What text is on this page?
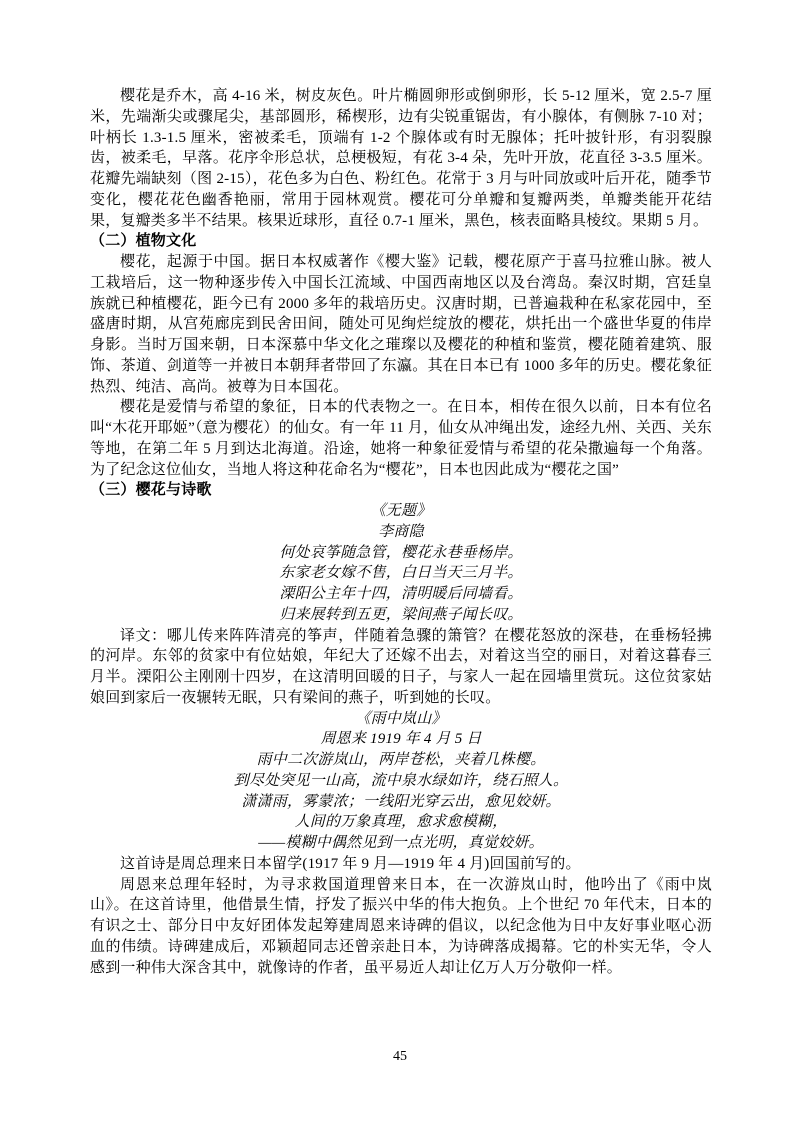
樱花是乔木，高 4-16 米，树皮灰色。叶片椭圆卵形或倒卵形，长 5-12 厘米，宽 2.5-7 厘米，先端渐尖或骤尾尖，基部圆形，稀楔形，边有尖锐重锯齿，有小腺体，有侧脉 7-10 对；叶柄长 1.3-1.5 厘米，密被柔毛，顶端有 1-2 个腺体或有时无腺体；托叶披针形，有羽裂腺齿，被柔毛，早落。花序伞形总状，总梗极短，有花 3-4 朵，先叶开放，花直径 3-3.5 厘米。花瓣先端缺刻（图 2-15），花色多为白色、粉红色。花常于 3 月与叶同放或叶后开花，随季节变化，樱花花色幽香艳丽，常用于园林观赏。樱花可分单瓣和复瓣两类，单瓣类能开花结果，复瓣类多半不结果。核果近球形，直径 0.7-1 厘米，黑色，核表面略具棱纹。果期 5 月。

（二）植物文化

樱花，起源于中国。据日本权威著作《樱大鉴》记载，樱花原产于喜马拉雅山脉。被人工栽培后，这一物种逐步传入中国长江流域、中国西南地区以及台湾岛。秦汉时期，宫廷皇族就已种植樱花，距今已有 2000 多年的栽培历史。汉唐时期，已普遍栽种在私家花园中，至盛唐时期，从宫苑廊庑到民舍田间，随处可见绚烂绽放的樱花，烘托出一个盛世华夏的伟岸身影。当时万国来朝，日本深慕中华文化之璀璨以及樱花的种植和鉴赏，樱花随着建筑、服饰、茶道、剑道等一并被日本朝拜者带回了东瀛。其在日本已有 1000 多年的历史。樱花象征热烈、纯洁、高尚。被尊为日本国花。

樱花是爱情与希望的象征，日本的代表物之一。在日本，相传在很久以前，日本有位名叫“木花开耶姬”（意为樱花）的仙女。有一年 11 月，仙女从冲绳出发，途经九州、关西、关东等地，在第二年 5 月到达北海道。沿途，她将一种象征爱情与希望的花朵撒遍每一个角落。为了纪念这位仙女，当地人将这种花命名为“樱花”，日本也因此成为“樱花之国”

（三）樱花与诗歌

《无题》

李商隐

何处哀筝随急管，樱花永巷垂杨岸。

东家老女嫁不售，白日当天三月半。

溧阳公主年十四，清明暖后同墙看。

归来展转到五更，梁间燕子闻长叹。

译文：哪儿传来阵阵清亮的筝声，伴随着急骤的箫管？在樱花怒放的深巷，在垂杨轻拂的河岸。东邻的贫家中有位姑娘，年纪大了还嫁不出去，对着这当空的丽日，对着这暮春三月半。溧阳公主刚刚十四岁，在这清明回暖的日子，与家人一起在园墙里赏玩。这位贫家姑娘回到家后一夜辗转无眠，只有梁间的燕子，听到她的长叹。

《雨中岚山》

周恩来 1919 年 4 月 5 日

雨中二次游岚山，两岸苍松，夹着几株樱。

到尽处突见一山高，流中泉水绿如许，绕石照人。

潇潇雨，雾蒙浓；一线阳光穿云出，愈见姣妍。

人间的万象真理，愈求愈模糊，

——模糊中偶然见到一点光明，真觉姣妍。

这首诗是周总理来日本留学(1917 年 9 月—1919 年 4 月)回国前写的。

周恩来总理年轻时，为寻求救国道理曾来日本，在一次游岚山时，他吟出了《雨中岚山》。在这首诗里，他借景生情，抒发了振兴中华的伟大抱负。上个世纪 70 年代末，日本的有识之士、部分日中友好团体发起筹建周恩来诗碑的倡议，以纪念他为日中友好事业呕心沥血的伟绩。诗碑建成后，邓颖超同志还曾亲赴日本，为诗碑落成揭幕。它的朴实无华，令人感到一种伟大深含其中，就像诗的作者，虽平易近人却让亿万人万分敬仰一样。

45
